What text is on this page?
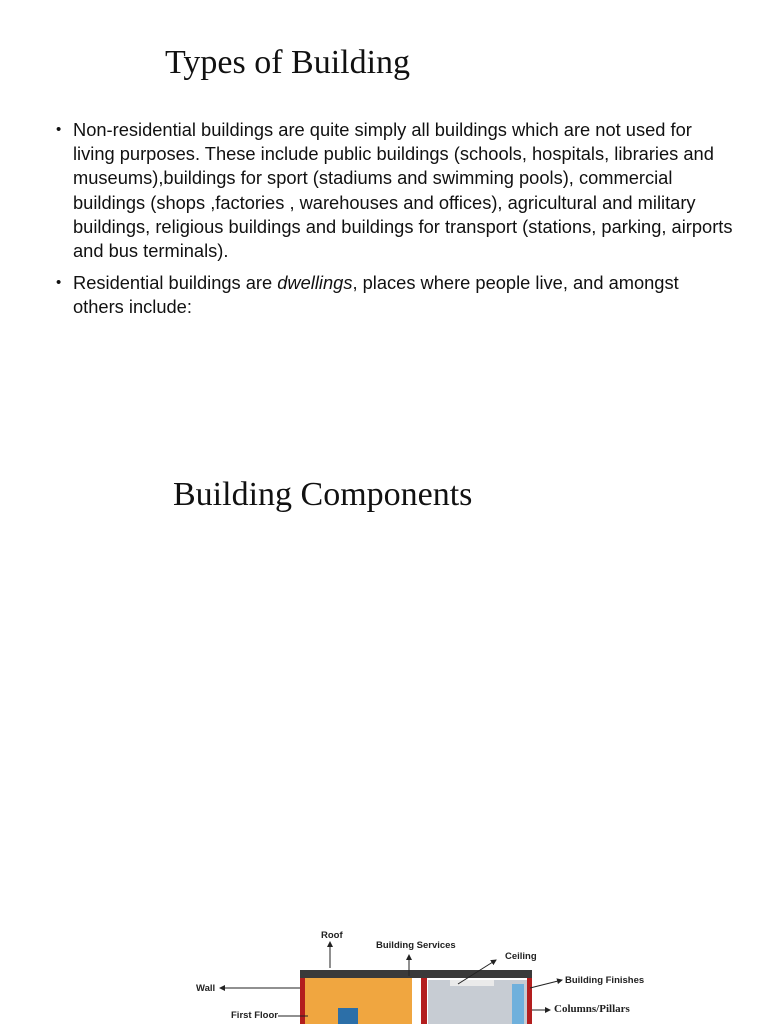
Types of Building
• Non-residential buildings are quite simply all buildings which are not used for living purposes. These include public buildings (schools, hospitals, libraries and museums),buildings for sport (stadiums and swimming pools), commercial buildings (shops ,factories , warehouses and offices), agricultural and military buildings, religious buildings and buildings for transport (stations, parking, airports and bus terminals).
• Residential buildings are dwellings, places where people live, and amongst others include:
Building Components
Roof
Building Services
Ceiling
Building Finishes
Wall
Columns/Pillars
First Floor
